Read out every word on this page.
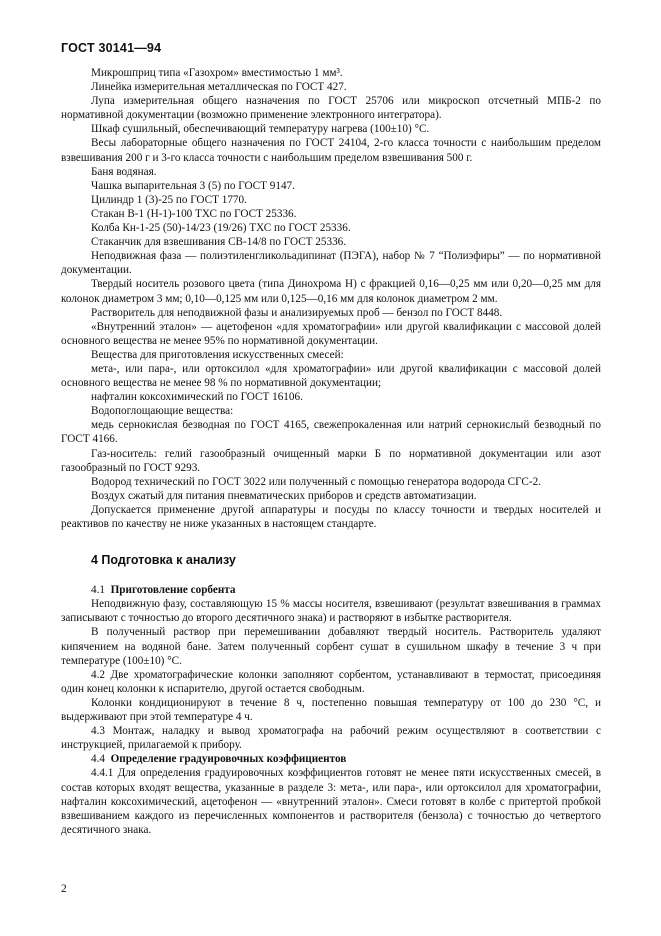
ГОСТ 30141—94

Микрошприц типа «Газохром» вместимостью 1 мм³.

Линейка измерительная металлическая по ГОСТ 427.

Лупа измерительная общего назначения по ГОСТ 25706 или микроскоп отсчетный МПБ-2 по нормативной документации (возможно применение электронного интегратора).

Шкаф сушильный, обеспечивающий температуру нагрева (100±10) °С.

Весы лабораторные общего назначения по ГОСТ 24104, 2-го класса точности с наибольшим пределом взвешивания 200 г и 3-го класса точности с наибольшим пределом взвешивания 500 г.

Баня водяная.

Чашка выпарительная 3 (5) по ГОСТ 9147.

Цилиндр 1 (3)-25 по ГОСТ 1770.

Стакан В-1 (Н-1)-100 ТХС по ГОСТ 25336.

Колба Кн-1-25 (50)-14/23 (19/26) ТХС по ГОСТ 25336.

Стаканчик для взвешивания СВ-14/8 по ГОСТ 25336.

Неподвижная фаза — полиэтиленгликольадипинат (ПЭГА), набор № 7 “Полиэфиры” — по нормативной документации.

Твердый носитель розового цвета (типа Динохрома Н) с фракцией 0,16—0,25 мм или 0,20—0,25 мм для колонок диаметром 3 мм; 0,10—0,125 мм или 0,125—0,16 мм для колонок диаметром 2 мм.

Растворитель для неподвижной фазы и анализируемых проб — бензол по ГОСТ 8448.

«Внутренний эталон» — ацетофенон «для хроматографии» или другой квалификации с массовой долей основного вещества не менее 95% по нормативной документации.

Вещества для приготовления искусственных смесей:

мета-, или пара-, или ортоксилол «для хроматографии» или другой квалификации с массовой долей основного вещества не менее 98 % по нормативной документации;

нафталин коксохимический по ГОСТ 16106.

Водопоглощающие вещества:

медь сернокислая безводная по ГОСТ 4165, свежепрокаленная или натрий сернокислый безводный по ГОСТ 4166.

Газ-носитель: гелий газообразный очищенный марки Б по нормативной документации или азот газообразный по ГОСТ 9293.

Водород технический по ГОСТ 3022 или полученный с помощью генератора водорода СГС-2.

Воздух сжатый для питания пневматических приборов и средств автоматизации.

Допускается применение другой аппаратуры и посуды по классу точности и твердых носителей и реактивов по качеству не ниже указанных в настоящем стандарте.

4 Подготовка к анализу

4.1 Приготовление сорбента

Неподвижную фазу, составляющую 15 % массы носителя, взвешивают (результат взвешивания в граммах записывают с точностью до второго десятичного знака) и растворяют в избытке растворителя.

В полученный раствор при перемешивании добавляют твердый носитель. Растворитель удаляют кипячением на водяной бане. Затем полученный сорбент сушат в сушильном шкафу в течение 3 ч при температуре (100±10) °С.

4.2 Две хроматографические колонки заполняют сорбентом, устанавливают в термостат, присоединяя один конец колонки к испарителю, другой остается свободным.

Колонки кондиционируют в течение 8 ч, постепенно повышая температуру от 100 до 230 °С, и выдерживают при этой температуре 4 ч.

4.3 Монтаж, наладку и вывод хроматографа на рабочий режим осуществляют в соответствии с инструкцией, прилагаемой к прибору.

4.4 Определение градуировочных коэффициентов

4.4.1 Для определения градуировочных коэффициентов готовят не менее пяти искусственных смесей, в состав которых входят вещества, указанные в разделе 3: мета-, или пара-, или ортоксилол для хроматографии, нафталин коксохимический, ацетофенон — «внутренний эталон». Смеси готовят в колбе с притертой пробкой взвешиванием каждого из перечисленных компонентов и растворителя (бензола) с точностью до четвертого десятичного знака.

2
